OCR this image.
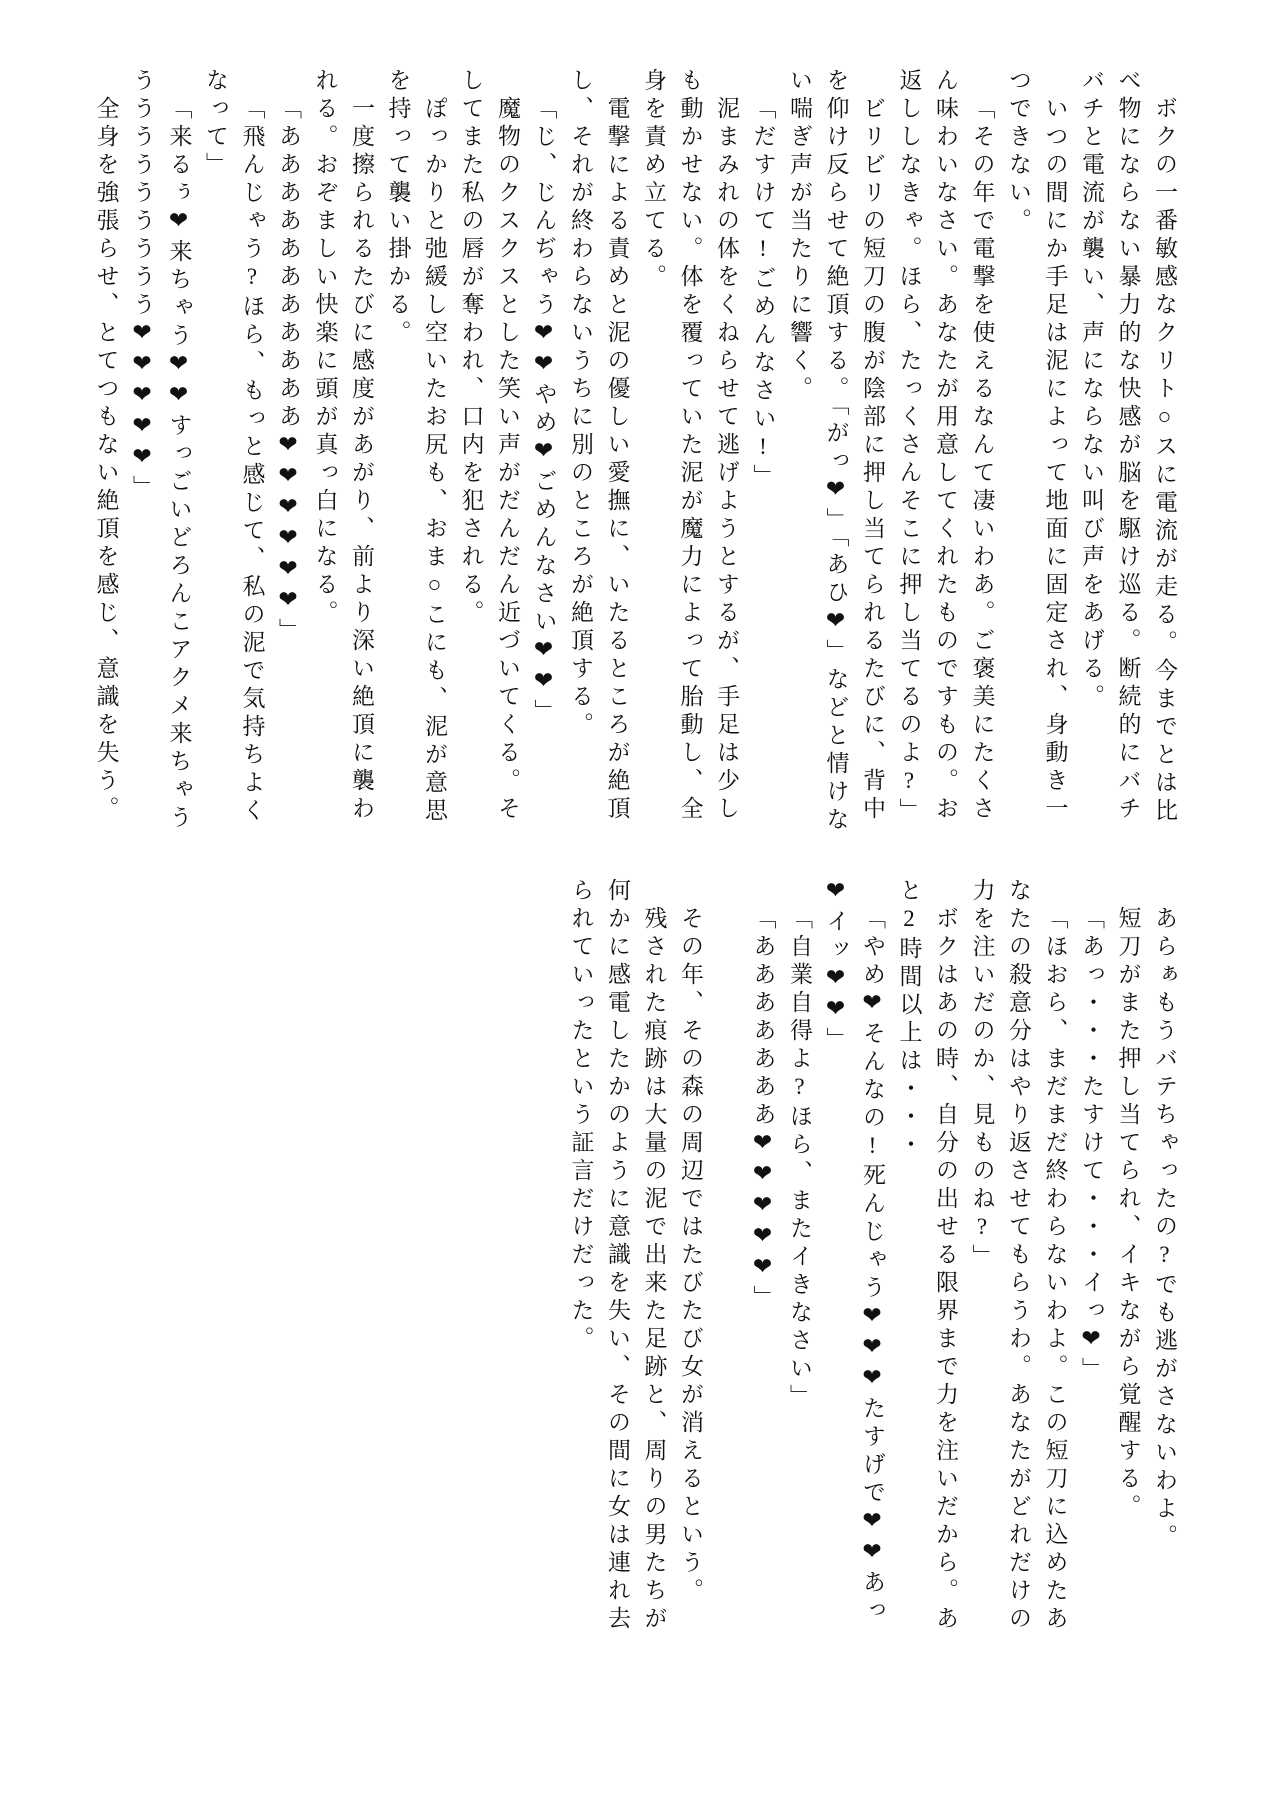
ボクの一番敏感なクリト○スに電流が走る。今までとは比

べ物にならない暴力的な快感が脳を駆け巡る。断続的にバチ

バチと電流が襲い、声にならない叫び声をあげる。

いつの間にか手足は泥によって地面に固定され、身動き一

つできない。

「その年で電撃を使えるなんて凄いわあ。ご褒美にたくさ

ん味わいなさい。あなたが用意してくれたものですもの。お

返ししなきゃ。ほら、たっくさんそこに押し当てるのよ?」

ビリビリの短刀の腹が陰部に押し当てられるたびに、背中

を仰け反らせて絶頂する。「がっ❤」「あひ❤」などと情けな

い喘ぎ声が当たりに響く。

「だすけて!ごめんなさい!」

泥まみれの体をくねらせて逃げようとするが、手足は少し

も動かせない。体を覆っていた泥が魔力によって胎動し、全

身を責め立てる。

電撃による責めと泥の優しい愛撫に、いたるところが絶頂

し、それが終わらないうちに別のところが絶頂する。

「じ、じんぢゃう❤❤やめ❤ごめんなさい❤❤」

魔物のクスクスとした笑い声がだんだん近づいてくる。そ

してまた私の唇が奪われ、口内を犯される。

ぽっかりと弛緩し空いたお尻も、おま○こにも、泥が意思

を持って襲い掛かる。

一度擦られるたびに感度があがり、前より深い絶頂に襲わ

れる。おぞましい快楽に頭が真っ白になる。

「あああああああああああ❤❤❤❤❤❤」

「飛んじゃう?ほら、もっと感じて、私の泥で気持ちよく

なって」

「来るぅ❤来ちゃう❤❤すっごいどろんこアクメ来ちゃう

ううううううううう❤❤❤❤❤」

全身を強張らせ、とてつもない絶頂を感じ、意識を失う。

あらぁもうバテちゃったの?でも逃がさないわよ。

短刀がまた押し当てられ、イキながら覚醒する。

「あっ・・・たすけて・・・イっ❤」

「ほおら、まだまだ終わらないわよ。この短刀に込めたあ

なたの殺意分はやり返させてもらうわ。あなたがどれだけの

力を注いだのか、見ものね?」

ボクはあの時、自分の出せる限界まで力を注いだから。あ

と2時間以上は・・・

「やめ❤そんなの!死んじゃう❤❤❤たすげで❤❤あっ

❤イッ❤❤」

「自業自得よ?ほら、またイきなさい」

「あああああああ❤❤❤❤❤」

その年、その森の周辺ではたびたび女が消えるという。

残された痕跡は大量の泥で出来た足跡と、周りの男たちが

何かに感電したかのように意識を失い、その間に女は連れ去

られていったという証言だけだった。
